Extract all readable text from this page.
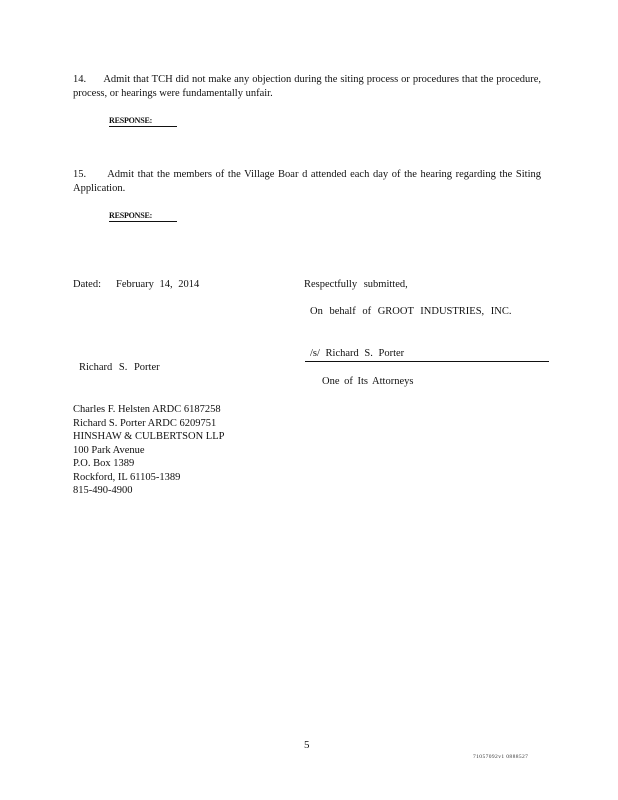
14. Admit that TCH did not make any objection during the siting process or procedures that the procedure, process, or hearings were fundamentally unfair.
RESPONSE:
15. Admit that the members of the Village Boar d attended each day of the hearing regarding the Siting Application.
RESPONSE:
Dated: February 14, 2014	Respectfully submitted,
On behalf of GROOT INDUSTRIES, INC.
/s/ Richard S. Porter
Richard S. Porter
One of Its Attorneys
Charles F. Helsten ARDC 6187258
Richard S. Porter ARDC 6209751
HINSHAW & CULBERTSON LLP
100 Park Avenue
P.O. Box 1389
Rockford, IL 61105-1389
815-490-4900
5
71057092v1 0888527
